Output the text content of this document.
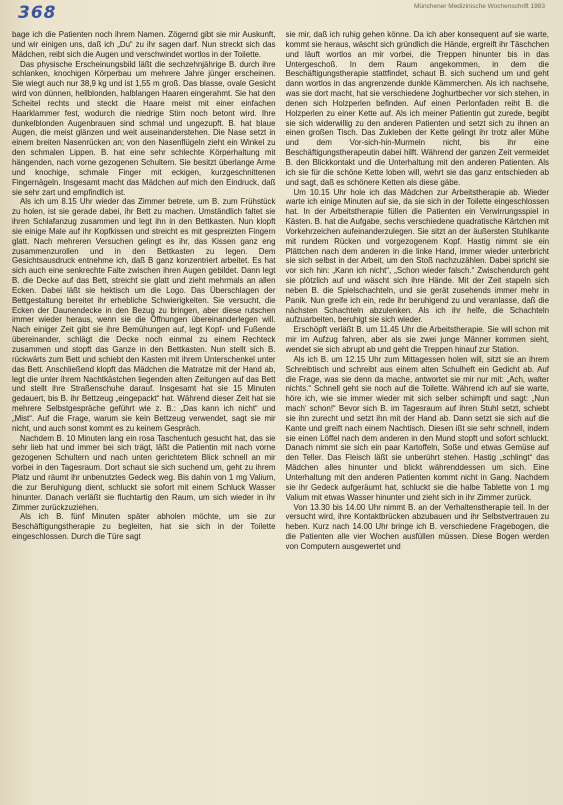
368	Münchener Medizinische Wochenschrift 1983

bage ich die Patienten noch ihrem Namen. Zögernd gibt sie mir Auskunft, und wir einigen uns, daß ich „Du“ zu ihr sagen darf. Nun streckt sich das Mädchen, reibt sich die Augen und verschwindet wortlos in der Toilette.

Das physische Erscheinungsbild läßt die sechzehnjährige B. durch ihre schlanken, knochigen Körperbau um mehrere Jahre jünger erscheinen. Sie wiegt auch nur 38,9 kg und ist 1,55 m groß. Das blasse, ovale Gesicht wird von dünnen, hellblonden, halblangen Haaren eingerahmt. Sie hat den Scheitel rechts und steckt die Haare meist mit einer einfachen Haarklammer fest, wodurch die niedrige Stirn noch betont wird. Ihre dunkelblonden Augenbrauen sind schmal und ungezupft. B. hat blaue Augen, die meist glänzen und weit auseinanderstehen. Die Nase setzt in einem breiten Nasenrücken an; von den Nasenflügeln zieht ein Winkel zu den schmalen Lippen. B. hat eine sehr schlechte Körperhaltung mit hängenden, nach vorne gezogenen Schultern. Sie besitzt überlange Arme und knochige, schmale Finger mit eckigen, kurzgeschnittenen Fingernägeln. Insgesamt macht das Mädchen auf mich den Eindruck, daß sie sehr zart und empfindlich ist.

Als ich um 8.15 Uhr wieder das Zimmer betrete, um B. zum Frühstück zu holen, ist sie gerade dabei, ihr Bett zu machen. Umständlich faltet sie ihren Schlafanzug zusammen und legt ihn in den Bettkasten. Nun klopft sie einige Male auf ihr Kopfkissen und streicht es mit gespreizten Fingern glatt. Nach mehreren Versuchen gelingt es ihr, das Kissen ganz eng zusammenzurollen und in den Bettkasten zu legen. Dem Gesichtsausdruck entnehme ich, daß B ganz konzentriert arbeitet. Es hat sich auch eine senkrechte Falte zwischen ihren Augen gebildet. Dann legt B. die Decke auf das Bett, streicht sie glatt und zieht mehrmals an allen Ecken. Dabei läßt sie hektisch um die Logo. Das Überschlagen der Bettgestaltung bereitet ihr erhebliche Schwierigkeiten. Sie versucht, die Ecken der Daunendecke in den Bezug zu bringen, aber diese rutschen immer wieder heraus, wenn sie die Öffnungen übereinanderlegen will. Nach einiger Zeit gibt sie ihre Bemühungen auf, legt Kopf- und Fußende übereinander, schlägt die Decke noch einmal zu einem Rechteck zusammen und stopft das Ganze in den Bettkasten. Nun stellt sich B. rückwärts zum Bett und schiebt den Kasten mit ihrem Unterschenkel unter das Bett. Anschließend klopft das Mädchen die Matratze mit der Hand ab, legt die unter ihrem Nachtkästchen liegenden alten Zeitungen auf das Bett und stellt ihre Straßenschuhe darauf. Insgesamt hat sie 15 Minuten gedauert, bis B. ihr Bettzeug „eingepackt“ hat. Während dieser Zeit hat sie mehrere Selbstgespräche geführt wie z. B.: „Das kann ich nicht“ und „Mist“. Auf die Frage, warum sie kein Bettzeug verwendet, sagt sie mir nicht, und auch sonst kommt es zu keinem Gespräch.

Nachdem B. 10 Minuten lang ein rosa Taschentuch gesucht hat, das sie sehr lieb hat und immer bei sich trägt, läßt die Patientin mit nach vorne gezogenen Schultern und nach unten gerichtetem Blick schnell an mir vorbei in den Tagesraum. Dort schaut sie sich suchend um, geht zu ihrem Platz und räumt ihr unbenutztes Gedeck weg. Bis dahin von 1 mg Valium, die zur Beruhigung dient, schluckt sie sofort mit einem Schluck Wasser hinunter. Danach verläßt sie fluchtartig den Raum, um sich wieder in ihr Zimmer zurückzuziehen.

Als ich B. fünf Minuten später abholen möchte, um sie zur Beschäftigungstherapie zu begleiten, hat sie sich in der Toilette eingeschlossen. Durch die Türe sagt

sie mir, daß ich ruhig gehen könne. Da ich aber konsequent auf sie warte, kommt sie heraus, wäscht sich gründlich die Hände, ergreift ihr Täschchen und läuft wortlos an mir vorbei, die Treppen hinunter bis in das Untergeschoß. In dem Raum angekommen, in dem die Beschäftigungstherapie stattfindet, schaut B. sich suchend um und geht dann wortlos in das angrenzende dunkle Kämmerchen. Als ich nachsehe, was sie dort macht, hat sie verschiedene Joghurtbecher vor sich stehen, in denen sich Holzperlen befinden. Auf einen Perlonfaden reiht B. die Holzperlen zu einer Kette auf. Als ich meiner Patientin gut zurede, begibt sie sich widerwillig zu den anderen Patienten und setzt sich zu ihnen an einen großen Tisch. Das Zukleben der Kette gelingt ihr trotz aller Mühe und dem Vor-sich-hin-Murmeln nicht, bis ihr eine Beschäftigungstherapeutin dabei hilft. Während der ganzen Zeit vermeidet B. den Blickkontakt und die Unterhaltung mit den anderen Patienten. Als ich sie für die schöne Kette loben will, wehrt sie das ganz entschieden ab und sagt, daß es schönere Ketten als diese gäbe.

Um 10.15 Uhr hole ich das Mädchen zur Arbeitstherapie ab. Wieder warte ich einige Minuten auf sie, da sie sich in der Toilette eingeschlossen hat. In der Arbeitstherapie füllen die Patienten ein Verwirrungsspiel in Kästen. B. hat die Aufgabe, sechs verschiedene quadratische Kärtchen mit Vorkehrzeichen aufeinanderzulegen. Sie sitzt an der äußersten Stuhlkante mit rundem Rücken und vorgezogenem Kopf. Hastig nimmt sie ein Plättchen nach dem anderen in die linke Hand, immer wieder unterbricht sie sich selbst in der Arbeit, um den Stoß nachzuzählen. Dabei spricht sie vor sich hin: „Kann ich nicht“, „Schon wieder falsch.“ Zwischendurch geht sie plötzlich auf und wäscht sich ihre Hände. Mit der Zeit stapeln sich neben B. die Spielschachteln, und sie gerät zusehends immer mehr in Panik. Nun greife ich ein, rede ihr beruhigend zu und veranlasse, daß die nächsten Schachteln abzulenken. Als ich ihr helfe, die Schachteln aufzuarbeiten, beruhigt sie sich wieder.

Erschöpft verläßt B. um 11.45 Uhr die Arbeitstherapie. Sie will schon mit mir im Aufzug fahren, aber als sie zwei junge Männer kommen sieht, wendet sie sich abrupt ab und geht die Treppen hinauf zur Station.

Als ich B. um 12.15 Uhr zum Mittagessen holen will, sitzt sie an ihrem Schreibtisch und schreibt aus einem alten Schulheft ein Gedicht ab. Auf die Frage, was sie denn da mache, antwortet sie mir nur mit: „Ach, walter nichts.“ Schnell geht sie noch auf die Toilette. Während ich auf sie warte, höre ich, wie sie immer wieder mit sich selber schimpft und sagt: „Nun mach’ schon!“ Bevor sich B. im Tagesraum auf ihren Stuhl setzt, schiebt sie ihn zurecht und setzt ihn mit der Hand ab. Dann setzt sie sich auf die Kante und greift nach einem Nachtisch. Diesen ißt sie sehr schnell, indem sie einen Löffel nach dem anderen in den Mund stopft und sofort schluckt. Danach nimmt sie sich ein paar Kartoffeln, Soße und etwas Gemüse auf den Teller. Das Fleisch läßt sie unberührt stehen. Hastig „schlingt“ das Mädchen alles hinunter und blickt währenddessen um sich. Eine Unterhaltung mit den anderen Patienten kommt nicht in Gang. Nachdem sie ihr Gedeck aufgeräumt hat, schluckt sie die halbe Tablette von 1 mg Valium mit etwas Wasser hinunter und zieht sich in ihr Zimmer zurück.

Von 13.30 bis 14.00 Uhr nimmt B. an der Verhaltenstherapie teil. In der versucht wird, ihre Kontaktbrücken abzubauen und ihr Selbstvertrauen zu heben. Kurz nach 14.00 Uhr bringe ich B. verschiedene Fragebogen, die die Patienten alle vier Wochen ausfüllen müssen. Diese Bogen werden von Computern ausgewertet und
